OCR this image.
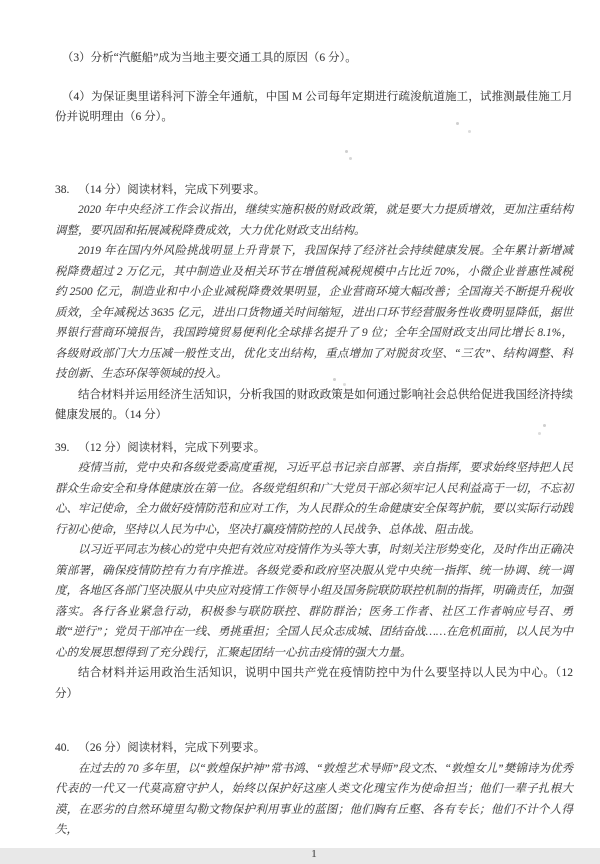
（3）分析“汽艇船”成为当地主要交通工具的原因（6 分）。

（4）为保证奥里诺科河下游全年通航，中国 M 公司每年定期进行疏浚航道施工，试推测最佳施工月份并说明理由（6 分）。

38. （14 分）阅读材料，完成下列要求。

2020 年中央经济工作会议指出，继续实施积极的财政政策，就是要大力提质增效，更加注重结构调整，要巩固和拓展减税降费成效，大力优化财政支出结构。

2019 年在国内外风险挑战明显上升背景下，我国保持了经济社会持续健康发展。全年累计新增减税降费超过 2 万亿元，其中制造业及相关环节在增值税减税规模中占比近 70%，小微企业普惠性减税约 2500 亿元，制造业和中小企业减税降费效果明显，企业营商环境大幅改善；全国海关不断提升税收质效，全年减税达 3635 亿元，进出口货物通关时间缩短，进出口环节经营服务性收费明显降低，据世界银行营商环境报告，我国跨境贸易便利化全球排名提升了 9 位；全年全国财政支出同比增长 8.1%，各级财政部门大力压减一般性支出，优化支出结构，重点增加了对脱贫攻坚、“三农”、结构调整、科技创新、生态环保等领域的投入。

结合材料并运用经济生活知识，分析我国的财政政策是如何通过影响社会总供给促进我国经济持续健康发展的。（14 分）

39. （12 分）阅读材料，完成下列要求。

疫情当前，党中央和各级党委高度重视，习近平总书记亲自部署、亲自指挥，要求始终坚持把人民群众生命安全和身体健康放在第一位。各级党组织和广大党员干部必须牢记人民利益高于一切，不忘初心、牢记使命，全力做好疫情防范和应对工作，为人民群众的生命健康安全保驾护航，要以实际行动践行初心使命，坚持以人民为中心，坚决打赢疫情防控的人民战争、总体战、阻击战。

以习近平同志为核心的党中央把有效应对疫情作为头等大事，时刻关注形势变化，及时作出正确决策部署，确保疫情防控有力有序推进。各级党委和政府坚决服从党中央统一指挥、统一协调、统一调度，各地区各部门坚决服从中央应对疫情工作领导小组及国务院联防联控机制的指挥，明确责任，加强落实。各行各业紧急行动，积极参与联防联控、群防群治；医务工作者、社区工作者响应号召、勇敢“逆行”；党员干部冲在一线、勇挑重担；全国人民众志成城、团结奋战……在危机面前，以人民为中心的发展思想得到了充分践行，汇聚起团结一心抗击疫情的强大力量。

结合材料并运用政治生活知识，说明中国共产党在疫情防控中为什么要坚持以人民为中心。（12 分）

40. （26 分）阅读材料，完成下列要求。

在过去的 70 多年里，以“敦煌保护神”常书鸿、“敦煌艺术导师”段文杰、“敦煌女儿”樊锦诗为优秀代表的一代又一代莫高窟守护人，始终以保护好这座人类文化瑰宝作为使命担当；他们一辈子扎根大漠，在恶劣的自然环境里勾勒文物保护利用事业的蓝图；他们胸有丘壑、各有专长；他们不计个人得失，

1
